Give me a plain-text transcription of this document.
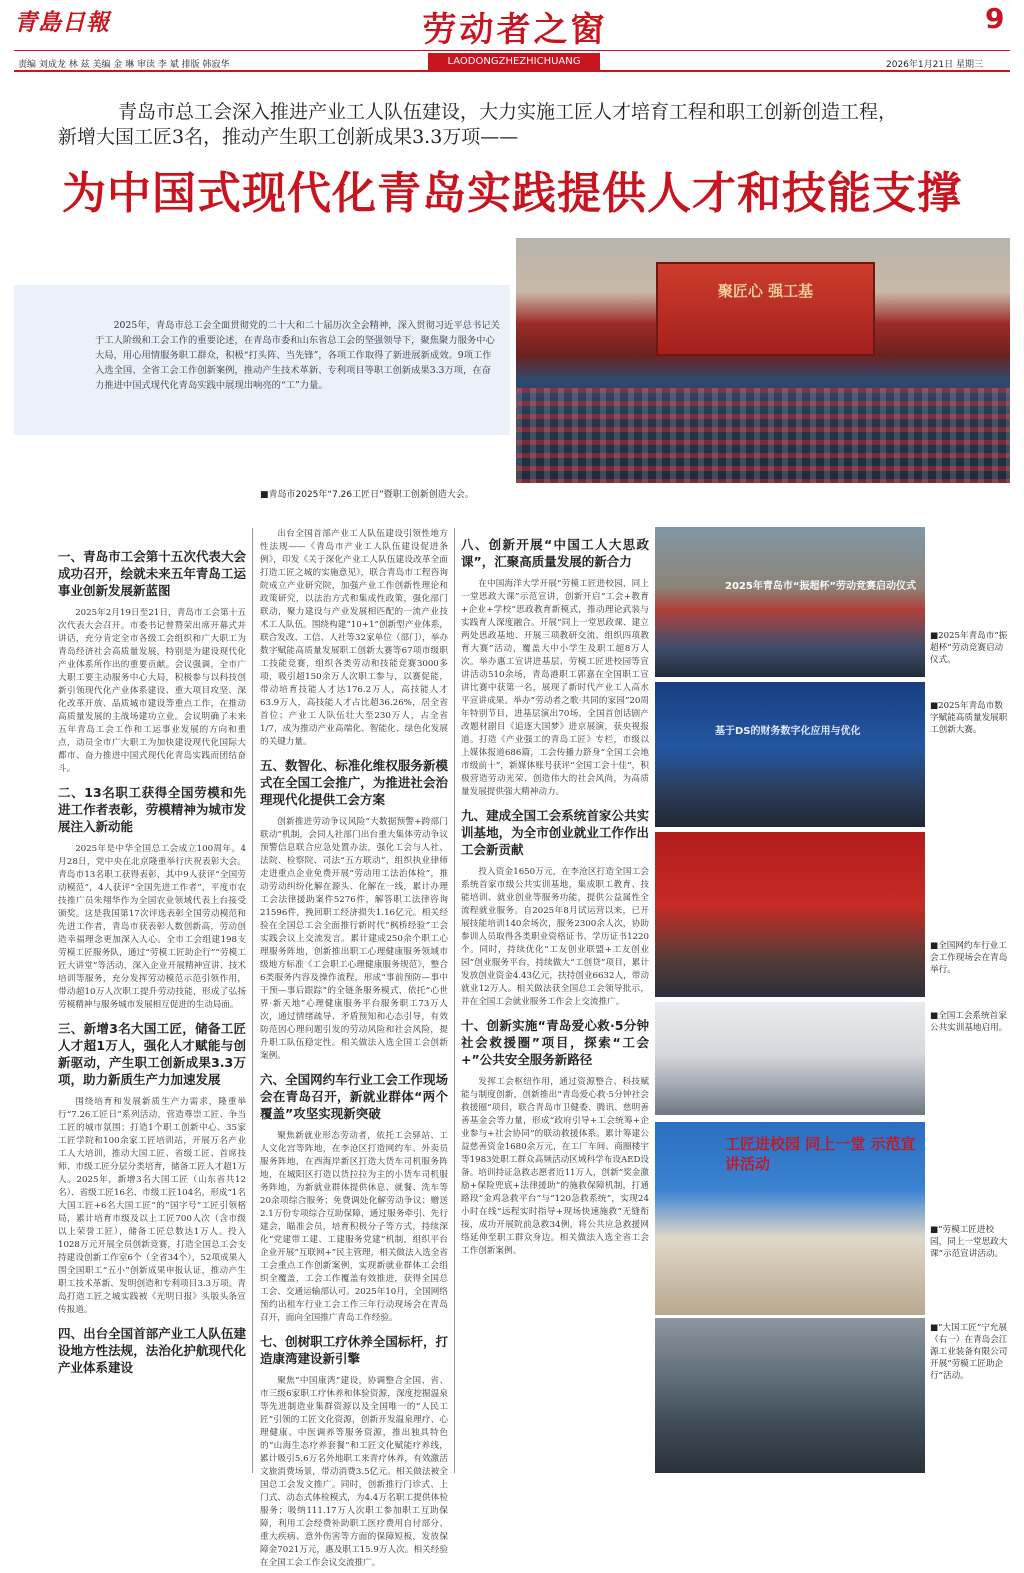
青島日報	劳动者之窗
LAODONGZHEZHICHUANG
9
责编 刘成龙 林 兹 美编 金 琳 审读 李 斌 排版 韩寂华	2026年1月21日 星期三
青岛市总工会深入推进产业工人队伍建设，大力实施工匠人才培育工程和职工创新创造工程，
新增大国工匠3名，推动产生职工创新成果3.3万项——
为中国式现代化青岛实践提供人才和技能支撑
2025年，青岛市总工会全面贯彻党的二十大和二十届历次全会精神，深入贯彻习近平总书记关于工人阶级和工会工作的重要论述，在青岛市委和山东省总工会的坚强领导下，聚焦聚力服务中心大局，用心用情服务职工群众，积极“打头阵、当先锋”，各项工作取得了新进展新成效。9项工作入选全国、全省工会工作创新案例，推动产生技术革新、专利项目等职工创新成果3.3万项，在奋力推进中国式现代化青岛实践中展现出响亮的“工”力量。
聚匠心 强工基
■青岛市2025年“7.26工匠日”暨职工创新创造大会。
一、青岛市工会第十五次代表大会成功召开，绘就未来五年青岛工运事业创新发展新蓝图

2025年2月19日至21日，青岛市工会第十五次代表大会召开。市委书记曾赞荣出席开幕式并讲话，充分肯定全市各级工会组织和广大职工为青岛经济社会高质量发展，特别是为建设现代化产业体系所作出的重要贡献。会议强调，全市广大职工要主动服务中心大局，积极参与以科技创新引领现代化产业体系建设、重大项目攻坚、深化改革开放、品质城市建设等重点工作，在推动高质量发展的主战场建功立业。会议明确了未来五年青岛工会工作和工运事业发展的方向和重点，动员全市广大职工为加快建设现代化国际大都市、奋力推进中国式现代化青岛实践而团结奋斗。

二、13名职工获得全国劳模和先进工作者表彰，劳模精神为城市发展注入新动能

2025年是中华全国总工会成立100周年。4月28日，党中央在北京隆重举行庆祝表彰大会。青岛市13名职工获得表彰，其中9人获评“全国劳动模范”，4人获评“全国先进工作者”，平度市农技推广员朱翔华作为全国农业领域代表上台接受颁奖。这是我国第17次评选表彰全国劳动模范和先进工作者，青岛市获表彰人数创新高，劳动创造幸福理念更加深入人心。全市工会组建198支劳模工匠服务队，通过“劳模工匠助企行”“劳模工匠大讲堂”等活动，深入企业开展精神宣讲、技术培训等服务，充分发挥劳动模范示范引领作用，带动超10万人次职工提升劳动技能，形成了弘扬劳模精神与服务城市发展相互促进的生动局面。

三、新增3名大国工匠，储备工匠人才超1万人，强化人才赋能与创新驱动，产生职工创新成果3.3万项，助力新质生产力加速发展

围绕培育和发展新质生产力需求，隆重举行“7.26工匠日”系列活动，营造尊崇工匠、争当工匠的城市氛围；打造1个职工创新中心、35家工匠学院和100余家工匠培训站，开展万名产业工人大培训，推动大国工匠、省级工匠、首席技师、市级工匠分层分类培育，储备工匠人才超1万人。2025年，新增3名大国工匠（山东省共12名）、省级工匠16名、市级工匠104名，形成“1名大国工匠+6名大国工匠”的“国字号”工匠引领格局，累计培育市级及以上工匠700人次（含市级以上荣誉工匠），储备工匠总数达1万人。投入1028万元开展全员创新竞赛，打造全国总工会支持建设创新工作室6个（全省34个），52项成果入围全国职工“五小”创新成果申报认证，推动产生职工技术革新、发明创造和专利项目3.3万项。青岛打造工匠之城实践被《光明日报》头版头条宣传报道。

四、出台全国首部产业工人队伍建设地方性法规，法治化护航现代化产业体系建设

出台全国首部产业工人队伍建设引领性地方性法规——《青岛市产业工人队伍建设促进条例》，印发《关于深化产业工人队伍建设改革全面打造工匠之城的实施意见》，联合青岛市工程咨询院成立产业研究院，加强产业工作创新性理论和政策研究，以法治方式和集成性政策，强化部门联动，聚力建设与产业发展相匹配的一流产业技术工人队伍。围绕构建“10+1”创新型产业体系，联合发改、工信、人社等32家单位（部门），举办数字赋能高质量发展职工创新大赛等67项市级职工技能竞赛，组织各类劳动和技能竞赛3000多项，吸引超150余万人次职工参与，以赛促能，带动培育技能人才达176.2万人，高技能人才63.9万人，高技能人才占比超36.26%，居全省首位；产业工人队伍壮大至230万人，占全省1/7，成为推动产业高端化、智能化、绿色化发展的关键力量。

五、数智化、标准化维权服务新模式在全国工会推广，为推进社会治理现代化提供工会方案

创新推进劳动争议风险“大数据预警+跨部门联动”机制，会同人社部门出台重大集体劳动争议预警信息联合应急处置办法，强化工会与人社、法院、检察院、司法“五方联动”，组织执业律师走进重点企业免费开展“劳动用工法治体检”，推动劳动纠纷化解在源头、化解在一线，累计办理工会法律援助案件5276件，解答职工法律咨询21596件，挽回职工经济损失1.16亿元。相关经验在全国总工会全面推行新时代“枫桥经验”工会实践会议上交流发言。累计建成250余个职工心理服务阵地，创新推出职工心理健康服务领域市级地方标准《工会职工心理健康服务规范》，整合6类服务内容及操作流程，形成“事前预防—事中干预—事后跟踪”的全链条服务模式，依托“心世界·新天地”心理健康服务平台服务职工73万人次，通过情绪疏导、矛盾预知和心态引导，有效防范因心理问题引发的劳动风险和社会风险，提升职工队伍稳定性。相关做法入选全国工会创新案例。

六、全国网约车行业工会工作现场会在青岛召开，新就业群体“两个覆盖”攻坚实现新突破

聚焦新就业形态劳动者，依托工会驿站、工人文化宫等阵地，在李沧区打造网约车、外卖员服务阵地，在西海岸新区打造大货车司机服务阵地，在城阳区打造以货拉拉为主的小货车司机服务阵地，为新就业群体提供休息、就餐、洗车等20余项综合服务；免费调处化解劳动争议；赠送2.1万份专项综合互助保障，通过服务牵引、先行建会，瞄准会员，培育积极分子等方式，持续深化“党建带工建、工建服务党建”机制，组织平台企业开展“互联网+”民主管理，相关做法入选全省工会重点工作创新案例，实现新就业群体工会组织全覆盖，工会工作覆盖有效推进，获得全国总工会、交通运输部认可。2025年10月，全国网络预约出租车行业工会工作三年行动现场会在青岛召开，面向全国推广青岛工作经验。

七、创树职工疗休养全国标杆，打造康湾建设新引擎

聚焦“中国康湾”建设，协调整合全国、省、市三级6家职工疗休养和体验资源，深度挖掘温泉等先进制造业集群资源以及全国唯一的“人民工匠”引领的工匠文化资源，创新开发温泉理疗、心理健康、中医调养等服务资源，推出独具特色的“山海生态疗养套餐”和工匠文化赋能疗养线，累计吸引5.6万名外地职工来青疗休养，有效激活文旅消费场景，带动消费3.5亿元。相关做法被全国总工会发文推广。同时，创新推行门诊式、上门式、动态式体检模式，为4.4万名职工提供体检服务；吸纳111.17万人次职工参加职工互助保障，利用工会经费补助职工医疗费用自付部分、重大疾病、意外伤害等方面的保障短板，发放保障金7021万元，惠及职工15.9万人次。相关经验在全国工会工作会议交流推广。

八、创新开展“中国工人大思政课”，汇聚高质量发展的新合力

在中国海洋大学开展“劳模工匠进校园，同上一堂思政大课”示范宣讲，创新开启“工会+教育+企业+学校”思政教育新模式，推动理论武装与实践育人深度融合。开展“同上一堂思政课、建立两处思政基地、开展三项教研交流、组织四项教育大赛”活动，覆盖大中小学生及职工超8万人次。举办惠工宣讲进基层、劳模工匠进校园等宣讲活动510余场，青岛港职工郭嘉在全国职工宣讲比赛中获第一名，展现了新时代产业工人高水平宣讲成果。举办“劳动者之歌·共同的家园”20周年特别节目，进基层演出70场。全国首创话剧产改题材剧目《追逐大国梦》进京展演，获央视报道。打造《产业强工的青岛工匠》专栏，市级以上媒体报道686篇，工会传播力跻身“全国工会地市级前十”，新媒体账号获评“全国工会十佳”，积极营造劳动光荣、创造伟大的社会风尚，为高质量发展提供强大精神动力。

九、建成全国工会系统首家公共实训基地，为全市创业就业工作作出工会新贡献

投入资金1650万元，在李沧区打造全国工会系统首家市级公共实训基地，集成职工教育、技能培训、就业创业等服务功能，提供公益属性全流程就业服务。自2025年8月试运营以来，已开展技能培训140余场次，服务2300余人次，协助参训人员取得各类职业资格证书、学历证书1220个。同时，持续优化“工友创业联盟+工友创业园”创业服务平台，持续做大“工创贷”项目，累计发放创业资金4.43亿元，扶持创业6632人，带动就业12万人。相关做法获全国总工会领导批示，并在全国工会就业服务工作会上交流推广。

十、创新实施“青岛爱心救·5分钟社会救援圈”项目，探索“工会+”公共安全服务新路径

发挥工会枢纽作用，通过资源整合、科技赋能与制度创新，创新推出“青岛爱心救·5分钟社会救援圈”项目，联合青岛市卫健委、腾讯、慈明善善基金会等力量，形成“政府引导+工会统筹+企业参与+社会协同”的联动救援体系。累计筹建公益慈善资金1680余万元，在工厂车间、商圈楼宇等1983处职工群众高频活动区域科学布设AED设备。培训持证急救志愿者近11万人，创新“奖金激励+保险兜底+法律援助”的施救保障机制，打通路段“金鸡急救平台”与“120急救系统”，实现24小时在线“远程实时指导+现场快速施救”无缝衔接，成功开展院前急救34例，将公共应急救援网络延伸至职工群众身边。相关做法入选全省工会工作创新案例。

2025年青岛市“振超杯”劳动竞赛启动仪式
■2025年青岛市“振超杯”劳动竞赛启动仪式。
基于DS的财务数字化应用与优化
■2025年青岛市数字赋能高质量发展职工创新大赛。
■全国网约车行业工会工作现场会在青岛举行。
■全国工会系统首家公共实训基地启用。
工匠进校园 同上一堂 示范宣讲活动
■“劳模工匠进校园，同上一堂思政大课”示范宣讲活动。
■“大国工匠”宁允展（右一）在青岛会江源工业装备有限公司开展“劳模工匠助企行”活动。
